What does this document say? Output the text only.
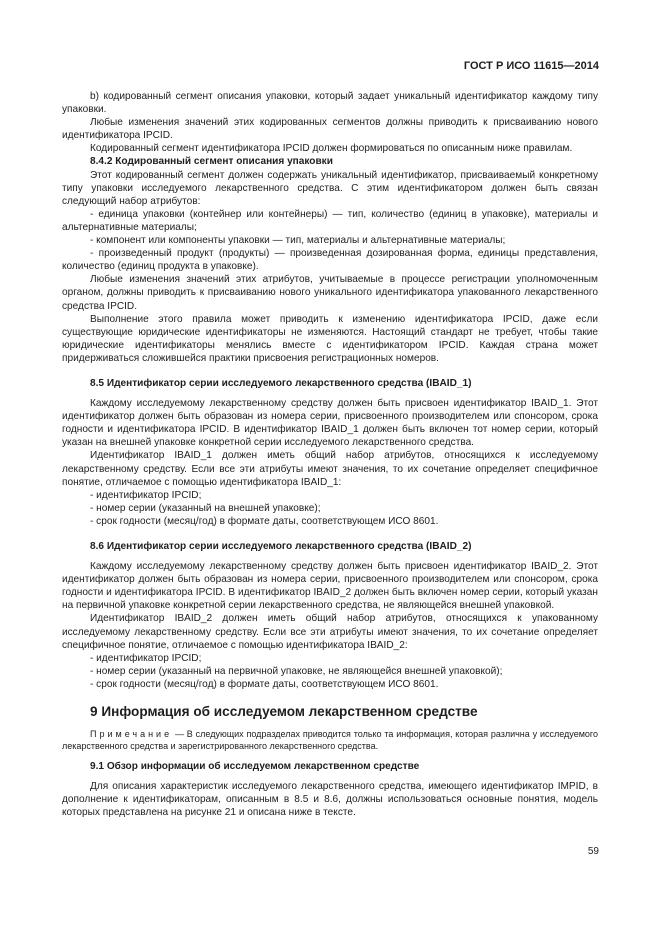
ГОСТ Р ИСО 11615—2014

b) кодированный сегмент описания упаковки, который задает уникальный идентификатор каждому типу упаковки.

Любые изменения значений этих кодированных сегментов должны приводить к присваиванию нового идентификатора IPCID.

Кодированный сегмент идентификатора IPCID должен формироваться по описанным ниже правилам.

8.4.2 Кодированный сегмент описания упаковки

Этот кодированный сегмент должен содержать уникальный идентификатор, присваиваемый конкретному типу упаковки исследуемого лекарственного средства. С этим идентификатором должен быть связан следующий набор атрибутов:

- единица упаковки (контейнер или контейнеры) — тип, количество (единиц в упаковке), материалы и альтернативные материалы;

- компонент или компоненты упаковки — тип, материалы и альтернативные материалы;

- произведенный продукт (продукты) — произведенная дозированная форма, единицы представления, количество (единиц продукта в упаковке).

Любые изменения значений этих атрибутов, учитываемые в процессе регистрации уполномоченным органом, должны приводить к присваиванию нового уникального идентификатора упакованного лекарственного средства IPCID.

Выполнение этого правила может приводить к изменению идентификатора IPCID, даже если существующие юридические идентификаторы не изменяются. Настоящий стандарт не требует, чтобы такие юридические идентификаторы менялись вместе с идентификатором IPCID. Каждая страна может придерживаться сложившейся практики присвоения регистрационных номеров.

8.5 Идентификатор серии исследуемого лекарственного средства (IBAID_1)

Каждому исследуемому лекарственному средству должен быть присвоен идентификатор IBAID_1. Этот идентификатор должен быть образован из номера серии, присвоенного производителем или спонсором, срока годности и идентификатора IPCID. В идентификатор IBAID_1 должен быть включен тот номер серии, который указан на внешней упаковке конкретной серии исследуемого лекарственного средства.

Идентификатор IBAID_1 должен иметь общий набор атрибутов, относящихся к исследуемому лекарственному средству. Если все эти атрибуты имеют значения, то их сочетание определяет специфичное понятие, отличаемое с помощью идентификатора IBAID_1:

- идентификатор IPCID;

- номер серии (указанный на внешней упаковке);

- срок годности (месяц/год) в формате даты, соответствующем ИСО 8601.

8.6 Идентификатор серии исследуемого лекарственного средства (IBAID_2)

Каждому исследуемому лекарственному средству должен быть присвоен идентификатор IBAID_2. Этот идентификатор должен быть образован из номера серии, присвоенного производителем или спонсором, срока годности и идентификатора IPCID. В идентификатор IBAID_2 должен быть включен номер серии, который указан на первичной упаковке конкретной серии лекарственного средства, не являющейся внешней упаковкой.

Идентификатор IBAID_2 должен иметь общий набор атрибутов, относящихся к упакованному исследуемому лекарственному средству. Если все эти атрибуты имеют значения, то их сочетание определяет специфичное понятие, отличаемое с помощью идентификатора IBAID_2:

- идентификатор IPCID;

- номер серии (указанный на первичной упаковке, не являющейся внешней упаковкой);

- срок годности (месяц/год) в формате даты, соответствующем ИСО 8601.

9 Информация об исследуемом лекарственном средстве

Примечание — В следующих подразделах приводится только та информация, которая различна у исследуемого лекарственного средства и зарегистрированного лекарственного средства.

9.1 Обзор информации об исследуемом лекарственном средстве

Для описания характеристик исследуемого лекарственного средства, имеющего идентификатор IMPID, в дополнение к идентификаторам, описанным в 8.5 и 8.6, должны использоваться основные понятия, модель которых представлена на рисунке 21 и описана ниже в тексте.

59
